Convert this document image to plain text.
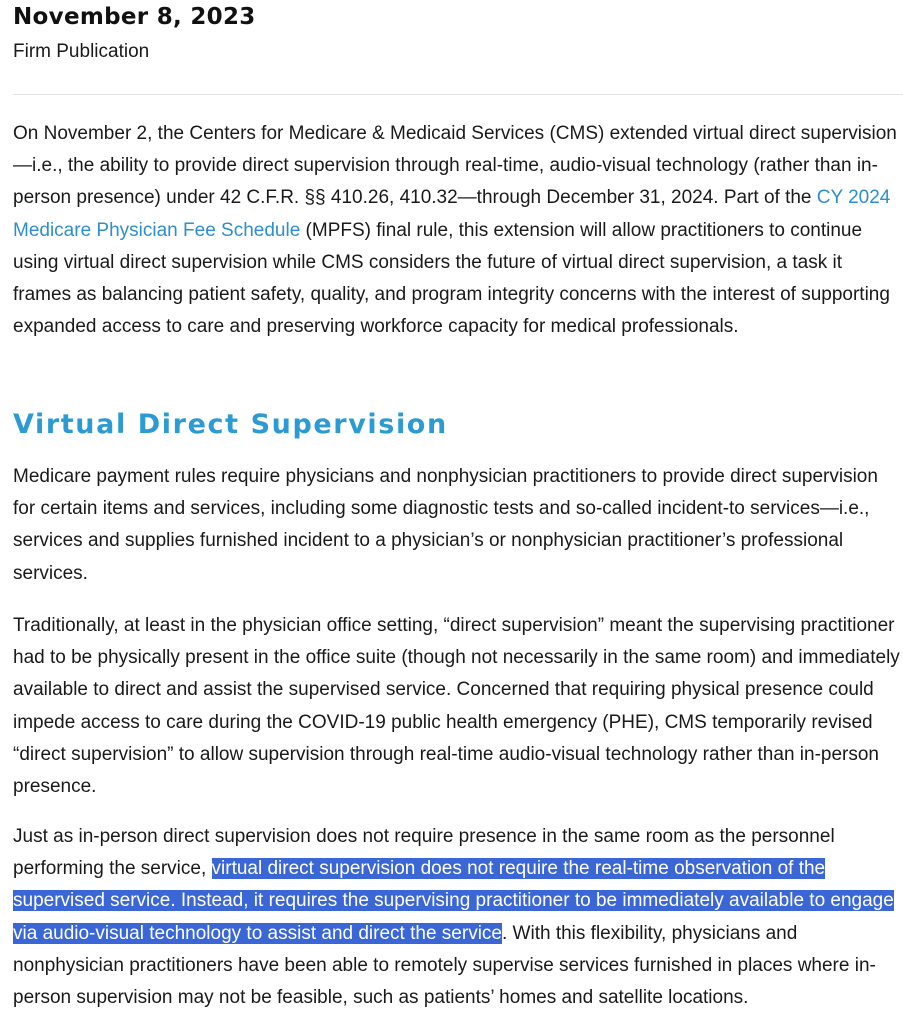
November 8, 2023
Firm Publication

On November 2, the Centers for Medicare & Medicaid Services (CMS) extended virtual direct supervision—i.e., the ability to provide direct supervision through real-time, audio-visual technology (rather than in-person presence) under 42 C.F.R. §§ 410.26, 410.32—through December 31, 2024. Part of the CY 2024 Medicare Physician Fee Schedule (MPFS) final rule, this extension will allow practitioners to continue using virtual direct supervision while CMS considers the future of virtual direct supervision, a task it frames as balancing patient safety, quality, and program integrity concerns with the interest of supporting expanded access to care and preserving workforce capacity for medical professionals.

Virtual Direct Supervision

Medicare payment rules require physicians and nonphysician practitioners to provide direct supervision for certain items and services, including some diagnostic tests and so-called incident-to services—i.e., services and supplies furnished incident to a physician’s or nonphysician practitioner’s professional services.

Traditionally, at least in the physician office setting, “direct supervision” meant the supervising practitioner had to be physically present in the office suite (though not necessarily in the same room) and immediately available to direct and assist the supervised service. Concerned that requiring physical presence could impede access to care during the COVID-19 public health emergency (PHE), CMS temporarily revised “direct supervision” to allow supervision through real-time audio-visual technology rather than in-person presence.

Just as in-person direct supervision does not require presence in the same room as the personnel performing the service, virtual direct supervision does not require the real-time observation of the supervised service. Instead, it requires the supervising practitioner to be immediately available to engage via audio-visual technology to assist and direct the service. With this flexibility, physicians and nonphysician practitioners have been able to remotely supervise services furnished in places where in-person supervision may not be feasible, such as patients’ homes and satellite locations.
